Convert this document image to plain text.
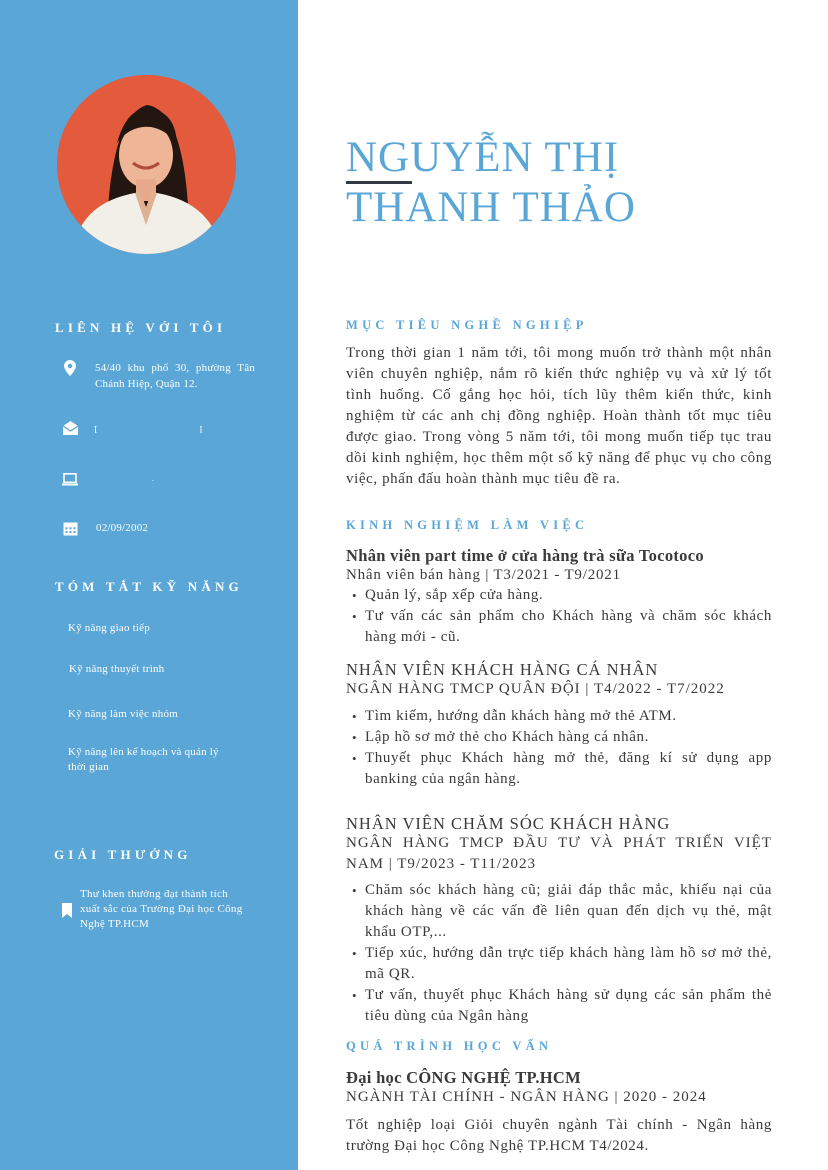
LIÊN HỆ VỚI TÔI
54/40 khu phố 30, phường Tân Chánh Hiệp, Quận 12.
ꞁ ꞁ
.
02/09/2002
TÓM TẮT KỸ NĂNG
Kỹ năng giao tiếp
Kỹ năng thuyết trình
Kỹ năng làm việc nhóm
Kỹ năng lên kế hoạch và quản lý thời gian
GIẢI THƯỞNG
Thư khen thưởng đạt thành tích xuất sắc của Trường Đại học Công Nghệ TP.HCM
NGUYỄN THỊ
THANH THẢO
MỤC TIÊU NGHỀ NGHIỆP
Trong thời gian 1 năm tới, tôi mong muốn trở thành một nhân viên chuyên nghiệp, nắm rõ kiến thức nghiệp vụ và xử lý tốt tình huống. Cố gắng học hỏi, tích lũy thêm kiến thức, kinh nghiệm từ các anh chị đồng nghiệp. Hoàn thành tốt mục tiêu được giao. Trong vòng 5 năm tới, tôi mong muốn tiếp tục trau dồi kinh nghiệm, học thêm một số kỹ năng để phục vụ cho công việc, phấn đấu hoàn thành mục tiêu đề ra.
KINH NGHIỆM LÀM VIỆC
Nhân viên part time ở cửa hàng trà sữa Tocotoco
Nhân viên bán hàng | T3/2021 - T9/2021
• Quản lý, sắp xếp cửa hàng.
• Tư vấn các sản phẩm cho Khách hàng và chăm sóc khách hàng mới - cũ.
NHÂN VIÊN KHÁCH HÀNG CÁ NHÂN
NGÂN HÀNG TMCP QUÂN ĐỘI | T4/2022 - T7/2022
• Tìm kiếm, hướng dẫn khách hàng mở thẻ ATM.
• Lập hồ sơ mở thẻ cho Khách hàng cá nhân.
• Thuyết phục Khách hàng mở thẻ, đăng kí sử dụng app banking của ngân hàng.
NHÂN VIÊN CHĂM SÓC KHÁCH HÀNG
NGÂN HÀNG TMCP ĐẦU TƯ VÀ PHÁT TRIỂN VIỆT NAM | T9/2023 - T11/2023
• Chăm sóc khách hàng cũ; giải đáp thắc mắc, khiếu nại của khách hàng về các vấn đề liên quan đến dịch vụ thẻ, mật khẩu OTP,...
• Tiếp xúc, hướng dẫn trực tiếp khách hàng làm hồ sơ mở thẻ, mã QR.
• Tư vấn, thuyết phục Khách hàng sử dụng các sản phẩm thẻ tiêu dùng của Ngân hàng
QUÁ TRÌNH HỌC VẤN
Đại học CÔNG NGHỆ TP.HCM
NGÀNH TÀI CHÍNH - NGÂN HÀNG | 2020 - 2024
Tốt nghiệp loại Giỏi chuyên ngành Tài chính - Ngân hàng trường Đại học Công Nghệ TP.HCM T4/2024.
